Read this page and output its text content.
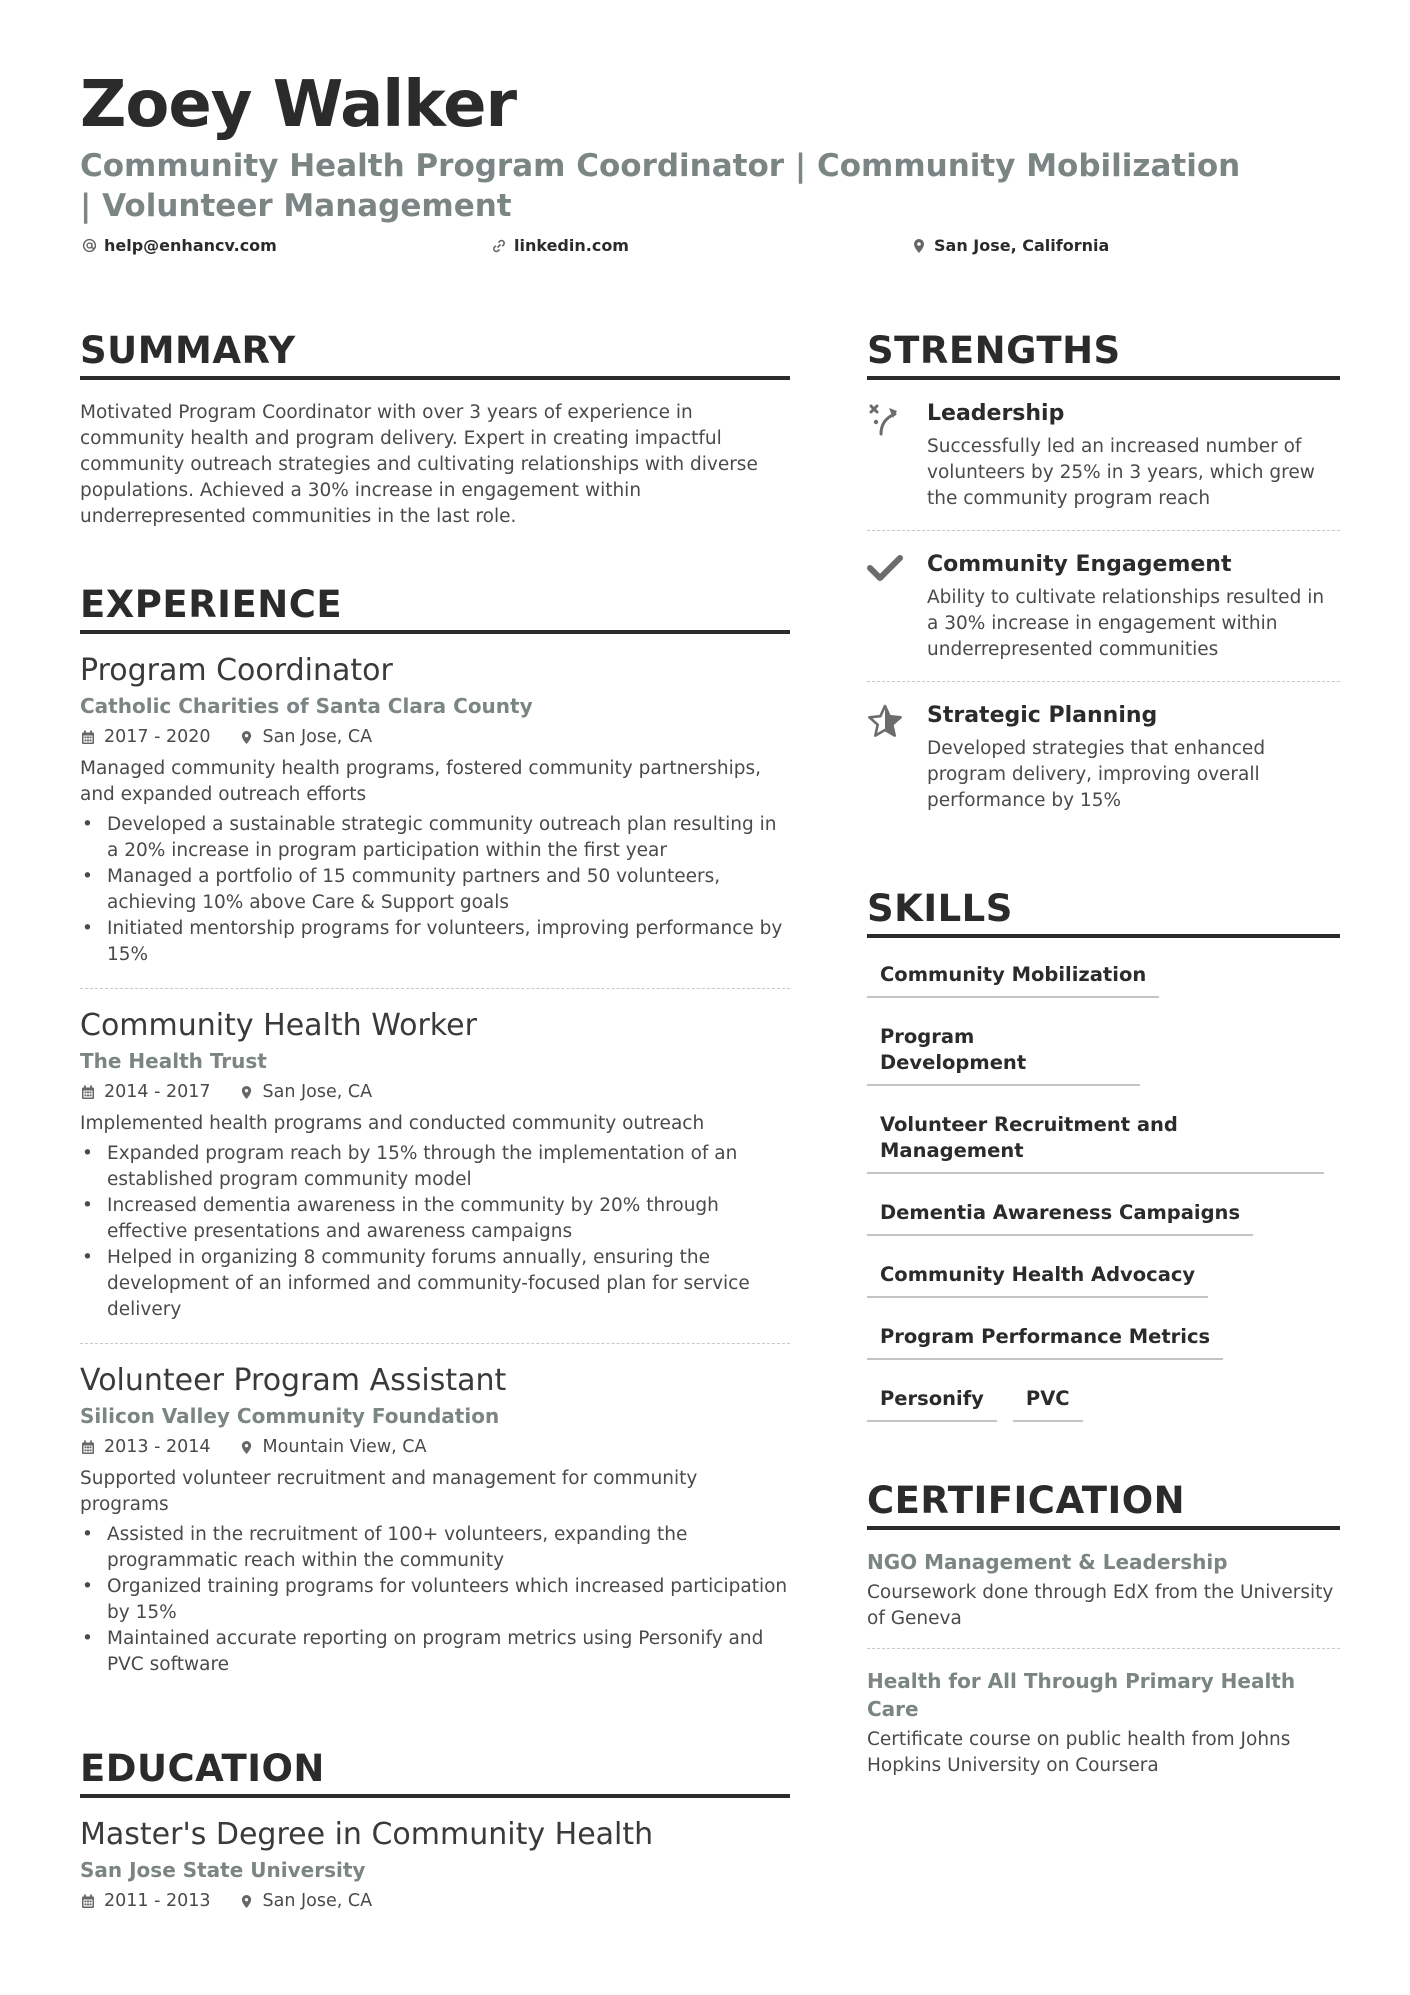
Zoey Walker

Community Health Program Coordinator | Community Mobilization | Volunteer Management

help@enhancv.com	linkedin.com	San Jose, California
SUMMARY

Motivated Program Coordinator with over 3 years of experience in community health and program delivery. Expert in creating impactful community outreach strategies and cultivating relationships with diverse populations. Achieved a 30% increase in engagement within underrepresented communities in the last role.

EXPERIENCE

Program Coordinator

Catholic Charities of Santa Clara County

2017 - 2020	San Jose, CA

Managed community health programs, fostered community partnerships, and expanded outreach efforts

• Developed a sustainable strategic community outreach plan resulting in a 20% increase in program participation within the first year
• Managed a portfolio of 15 community partners and 50 volunteers, achieving 10% above Care & Support goals
• Initiated mentorship programs for volunteers, improving performance by 15%

Community Health Worker

The Health Trust

2014 - 2017	San Jose, CA

Implemented health programs and conducted community outreach

• Expanded program reach by 15% through the implementation of an established program community model
• Increased dementia awareness in the community by 20% through effective presentations and awareness campaigns
• Helped in organizing 8 community forums annually, ensuring the development of an informed and community-focused plan for service delivery

Volunteer Program Assistant

Silicon Valley Community Foundation

2013 - 2014	Mountain View, CA

Supported volunteer recruitment and management for community programs

• Assisted in the recruitment of 100+ volunteers, expanding the programmatic reach within the community
• Organized training programs for volunteers which increased participation by 15%
• Maintained accurate reporting on program metrics using Personify and PVC software
EDUCATION

Master's Degree in Community Health

San Jose State University

2011 - 2013	San Jose, CA
STRENGTHS

Leadership

Successfully led an increased number of volunteers by 25% in 3 years, which grew the community program reach

Community Engagement

Ability to cultivate relationships resulted in a 30% increase in engagement within underrepresented communities

Strategic Planning

Developed strategies that enhanced program delivery, improving overall performance by 15%

SKILLS
Community Mobilization
Program Development
Volunteer Recruitment and Management
Dementia Awareness Campaigns
Community Health Advocacy
Program Performance Metrics
Personify	PVC
CERTIFICATION

NGO Management & Leadership

Coursework done through EdX from the University of Geneva

Health for All Through Primary Health Care

Certificate course on public health from Johns Hopkins University on Coursera
